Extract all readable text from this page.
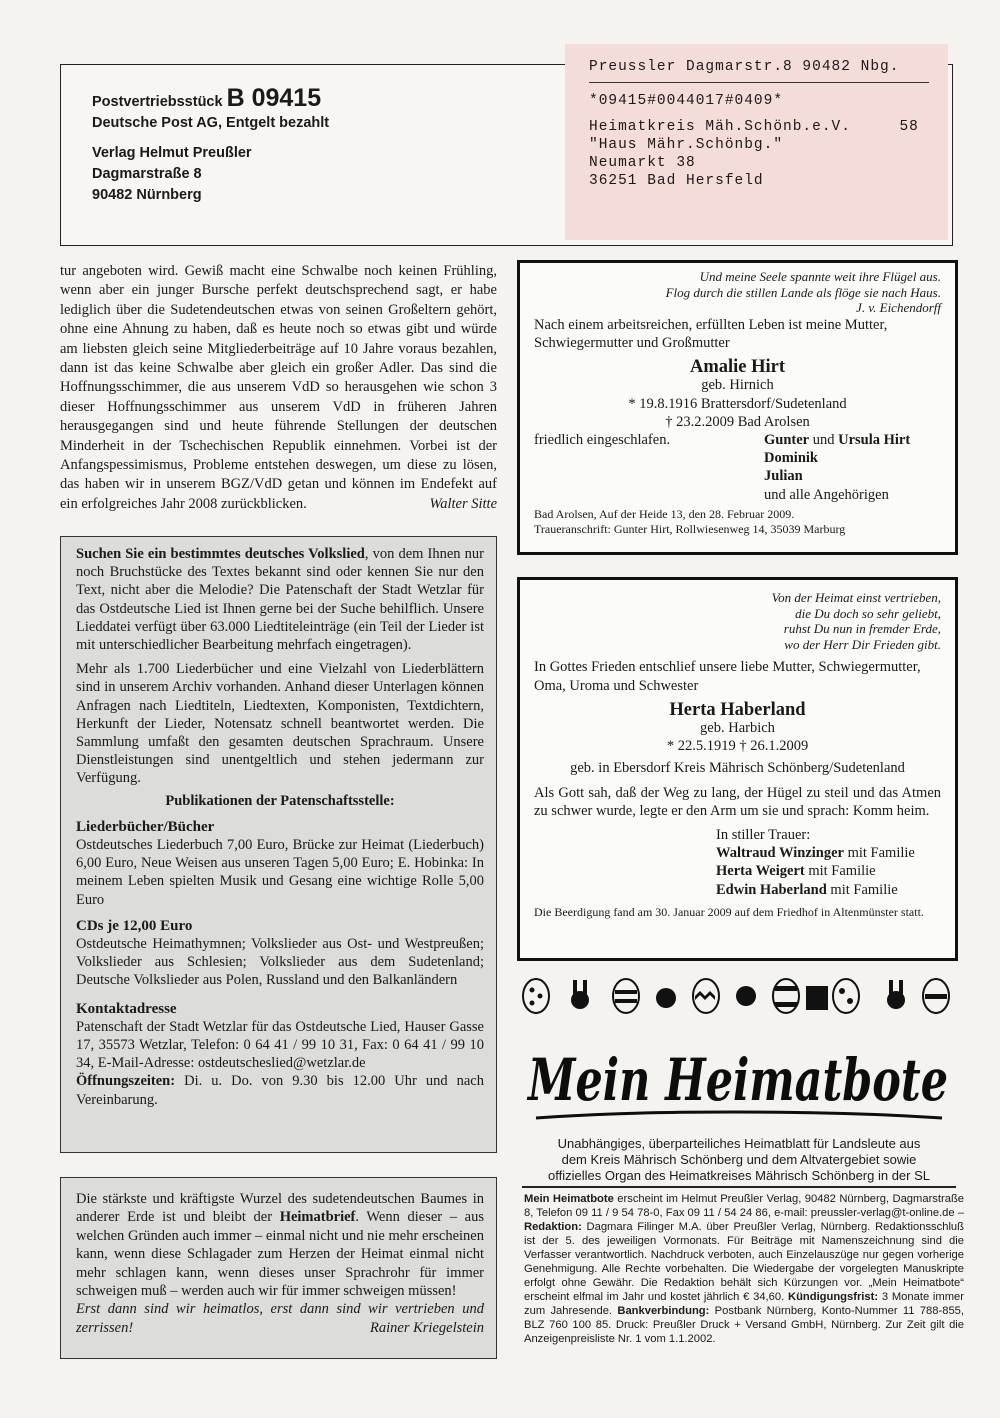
Postvertriebsstück B 09415
Deutsche Post AG, Entgelt bezahlt
Verlag Helmut Preußler
Dagmarstraße 8
90482 Nürnberg
Preussler Dagmarstr.8 90482 Nbg.
*09415#0044017#0409*
Heimatkreis Mäh.Schönb.e.V.	58
"Haus Mähr.Schönbg."
Neumarkt 38
36251 Bad Hersfeld

tur angeboten wird. Gewiß macht eine Schwalbe noch keinen Frühling, wenn aber ein junger Bursche perfekt deutschsprechend sagt, er habe lediglich über die Sudetendeutschen etwas von seinen Großeltern gehört, ohne eine Ahnung zu haben, daß es heute noch so etwas gibt und würde am liebsten gleich seine Mitgliederbeiträge auf 10 Jahre voraus bezahlen, dann ist das keine Schwalbe aber gleich ein großer Adler. Das sind die Hoffnungsschimmer, die aus unserem VdD so herausgehen wie schon 3 dieser Hoffnungsschimmer aus unserem VdD in früheren Jahren herausgegangen sind und heute führende Stellungen der deutschen Minderheit in der Tschechischen Republik einnehmen. Vorbei ist der Anfangspessimismus, Probleme entstehen deswegen, um diese zu lösen, das haben wir in unserem BGZ/VdD getan und können im Endefekt auf ein erfolgreiches Jahr 2008 zurückblicken.	Walter Sitte

Suchen Sie ein bestimmtes deutsches Volkslied, von dem Ihnen nur noch Bruchstücke des Textes bekannt sind oder kennen Sie nur den Text, nicht aber die Melodie? Die Patenschaft der Stadt Wetzlar für das Ostdeutsche Lied ist Ihnen gerne bei der Suche behilflich. Unsere Lieddatei verfügt über 63.000 Liedtiteleinträge (ein Teil der Lieder ist mit unterschiedlicher Bearbeitung mehrfach eingetragen).

Mehr als 1.700 Liederbücher und eine Vielzahl von Liederblättern sind in unserem Archiv vorhanden. Anhand dieser Unterlagen können Anfragen nach Liedtiteln, Liedtexten, Komponisten, Textdichtern, Herkunft der Lieder, Notensatz schnell beantwortet werden. Die Sammlung umfaßt den gesamten deutschen Sprachraum. Unsere Dienstleistungen sind unentgeltlich und stehen jedermann zur Verfügung.

Publikationen der Patenschaftsstelle:

Liederbücher/Bücher

Ostdeutsches Liederbuch 7,00 Euro, Brücke zur Heimat (Liederbuch) 6,00 Euro, Neue Weisen aus unseren Tagen 5,00 Euro; E. Hobinka: In meinem Leben spielten Musik und Gesang eine wichtige Rolle 5,00 Euro

CDs je 12,00 Euro

Ostdeutsche Heimathymnen; Volkslieder aus Ost- und Westpreußen; Volkslieder aus Schlesien; Volkslieder aus dem Sudetenland; Deutsche Volkslieder aus Polen, Russland und den Balkanländern

Kontaktadresse

Patenschaft der Stadt Wetzlar für das Ostdeutsche Lied, Hauser Gasse 17, 35573 Wetzlar, Telefon: 0 64 41 / 99 10 31, Fax: 0 64 41 / 99 10 34, E-Mail-Adresse: ostdeutscheslied@wetzlar.de

Öffnungszeiten: Di. u. Do. von 9.30 bis 12.00 Uhr und nach Vereinbarung.

Die stärkste und kräftigste Wurzel des sudetendeutschen Baumes in anderer Erde ist und bleibt der Heimatbrief. Wenn dieser – aus welchen Gründen auch immer – einmal nicht und nie mehr erscheinen kann, wenn diese Schlagader zum Herzen der Heimat einmal nicht mehr schlagen kann, wenn dieses unser Sprachrohr für immer schweigen muß – werden auch wir für immer schweigen müssen!

Erst dann sind wir heimatlos, erst dann sind wir vertrieben und zerrissen!	Rainer Kriegelstein

Und meine Seele spannte weit ihre Flügel aus.
Flog durch die stillen Lande als flöge sie nach Haus.
J. v. Eichendorff

Nach einem arbeitsreichen, erfüllten Leben ist meine Mutter, Schwiegermutter und Großmutter

Amalie Hirt
geb. Hirnich
* 19.8.1916 Brattersdorf/Sudetenland
† 23.2.2009 Bad Arolsen
friedlich eingeschlafen.	Gunter und Ursula Hirt
Dominik
Julian
und alle Angehörigen
Bad Arolsen, Auf der Heide 13, den 28. Februar 2009.
Traueranschrift: Gunter Hirt, Rollwiesenweg 14, 35039 Marburg
Von der Heimat einst vertrieben,
die Du doch so sehr geliebt,
ruhst Du nun in fremder Erde,
wo der Herr Dir Frieden gibt.

In Gottes Frieden entschlief unsere liebe Mutter, Schwiegermutter, Oma, Uroma und Schwester

Herta Haberland
geb. Harbich
* 22.5.1919 † 26.1.2009
geb. in Ebersdorf Kreis Mährisch Schönberg/Sudetenland

Als Gott sah, daß der Weg zu lang, der Hügel zu steil und das Atmen zu schwer wurde, legte er den Arm um sie und sprach: Komm heim.

In stiller Trauer:
Waltraud Winzinger mit Familie
Herta Weigert mit Familie
Edwin Haberland mit Familie
Die Beerdigung fand am 30. Januar 2009 auf dem Friedhof in Altenmünster statt.
Mein Heimatbote
Unabhängiges, überparteiliches Heimatblatt für Landsleute aus
dem Kreis Mährisch Schönberg und dem Altvatergebiet sowie
offizielles Organ des Heimatkreises Mährisch Schönberg in der SL
Mein Heimatbote erscheint im Helmut Preußler Verlag, 90482 Nürnberg, Dagmarstraße 8, Telefon 09 11 / 9 54 78-0, Fax 09 11 / 54 24 86, e-mail: preussler-verlag@t-online.de – Redaktion: Dagmara Filinger M.A. über Preußler Verlag, Nürnberg. Redaktionsschluß ist der 5. des jeweiligen Vormonats. Für Beiträge mit Namenszeichnung sind die Verfasser verantwortlich. Nachdruck verboten, auch Einzelauszüge nur gegen vorherige Genehmigung. Alle Rechte vorbehalten. Die Wiedergabe der vorgelegten Manuskripte erfolgt ohne Gewähr. Die Redaktion behält sich Kürzungen vor. „Mein Heimatbote“ erscheint elfmal im Jahr und kostet jährlich € 34,60. Kündigungsfrist: 3 Monate immer zum Jahresende. Bankverbindung: Postbank Nürnberg, Konto-Nummer 11 788-855, BLZ 760 100 85. Druck: Preußler Druck + Versand GmbH, Nürnberg. Zur Zeit gilt die Anzeigenpreisliste Nr. 1 vom 1.1.2002.
